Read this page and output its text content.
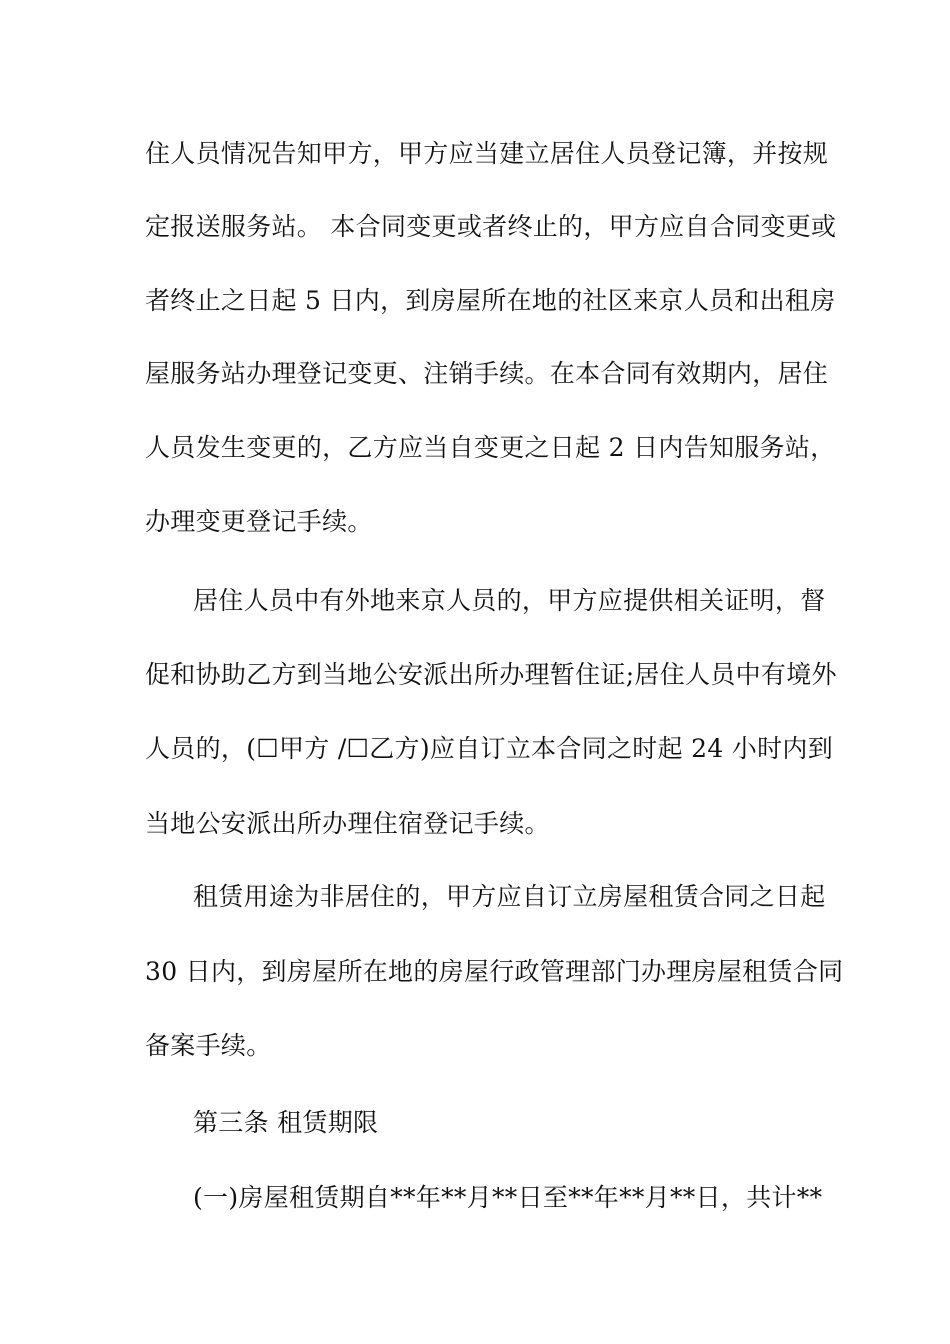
住人员情况告知甲方，甲方应当建立居住人员登记簿，并按规
定报送服务站。 本合同变更或者终止的，甲方应自合同变更或
者终止之日起 5 日内，到房屋所在地的社区来京人员和出租房
屋服务站办理登记变更、注销手续。在本合同有效期内，居住
人员发生变更的，乙方应当自变更之日起 2 日内告知服务站，
办理变更登记手续。
居住人员中有外地来京人员的，甲方应提供相关证明，督
促和协助乙方到当地公安派出所办理暂住证;居住人员中有境外
人员的，(☐甲方 /☐乙方)应自订立本合同之时起 24 小时内到
当地公安派出所办理住宿登记手续。
租赁用途为非居住的，甲方应自订立房屋租赁合同之日起
30 日内，到房屋所在地的房屋行政管理部门办理房屋租赁合同
备案手续。
第三条 租赁期限
(一)房屋租赁期自**年**月**日至**年**月**日，共计**
